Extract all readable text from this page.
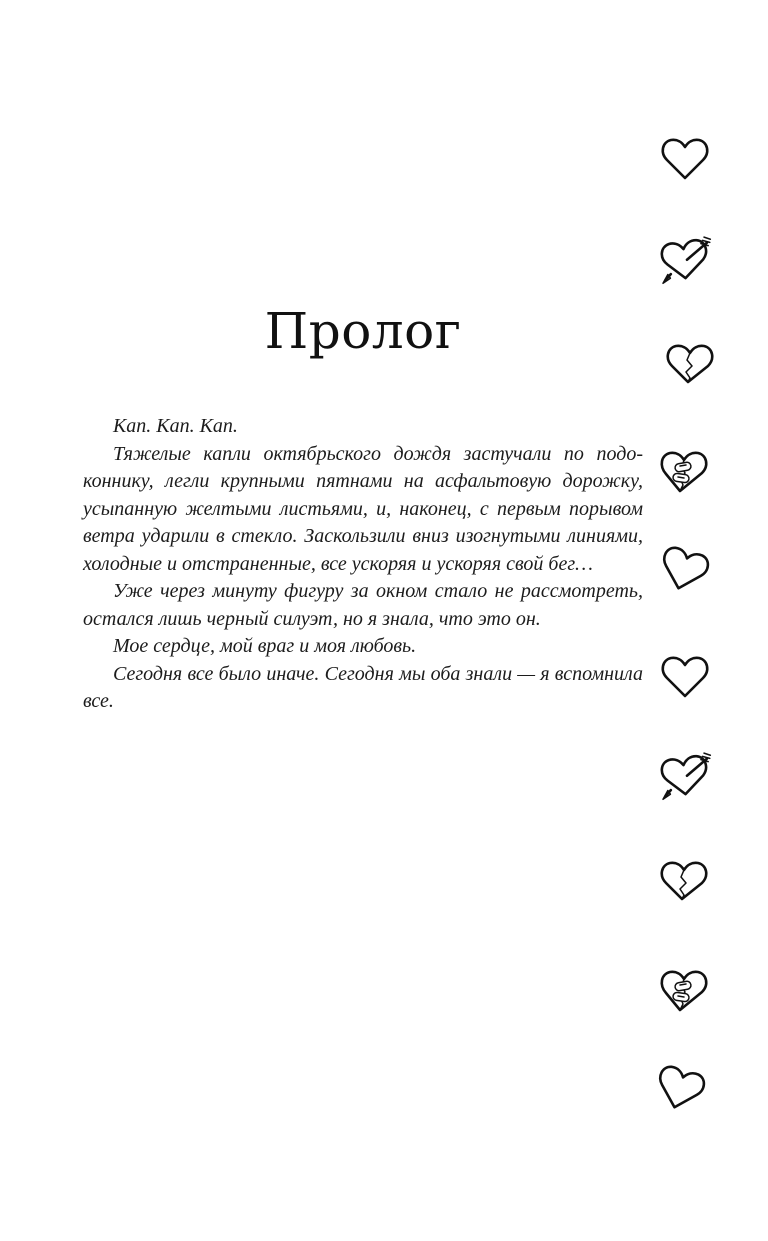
Пролог

Кап. Кап. Кап.

Тяжелые капли октябрьского дождя застучали по подоконнику, легли крупными пятнами на асфальтовую дорожку, усыпанную желтыми листьями, и, наконец, с первым порывом ветра ударили в стекло. Заскользили вниз изогнутыми линиями, холодные и отстраненные, все ускоряя и ускоряя свой бег…

Уже через минуту фигуру за окном стало не рассмотреть, остался лишь черный силуэт, но я знала, что это он.

Мое сердце, мой враг и моя любовь.

Сегодня все было иначе. Сегодня мы оба знали — я вспомнила все.
